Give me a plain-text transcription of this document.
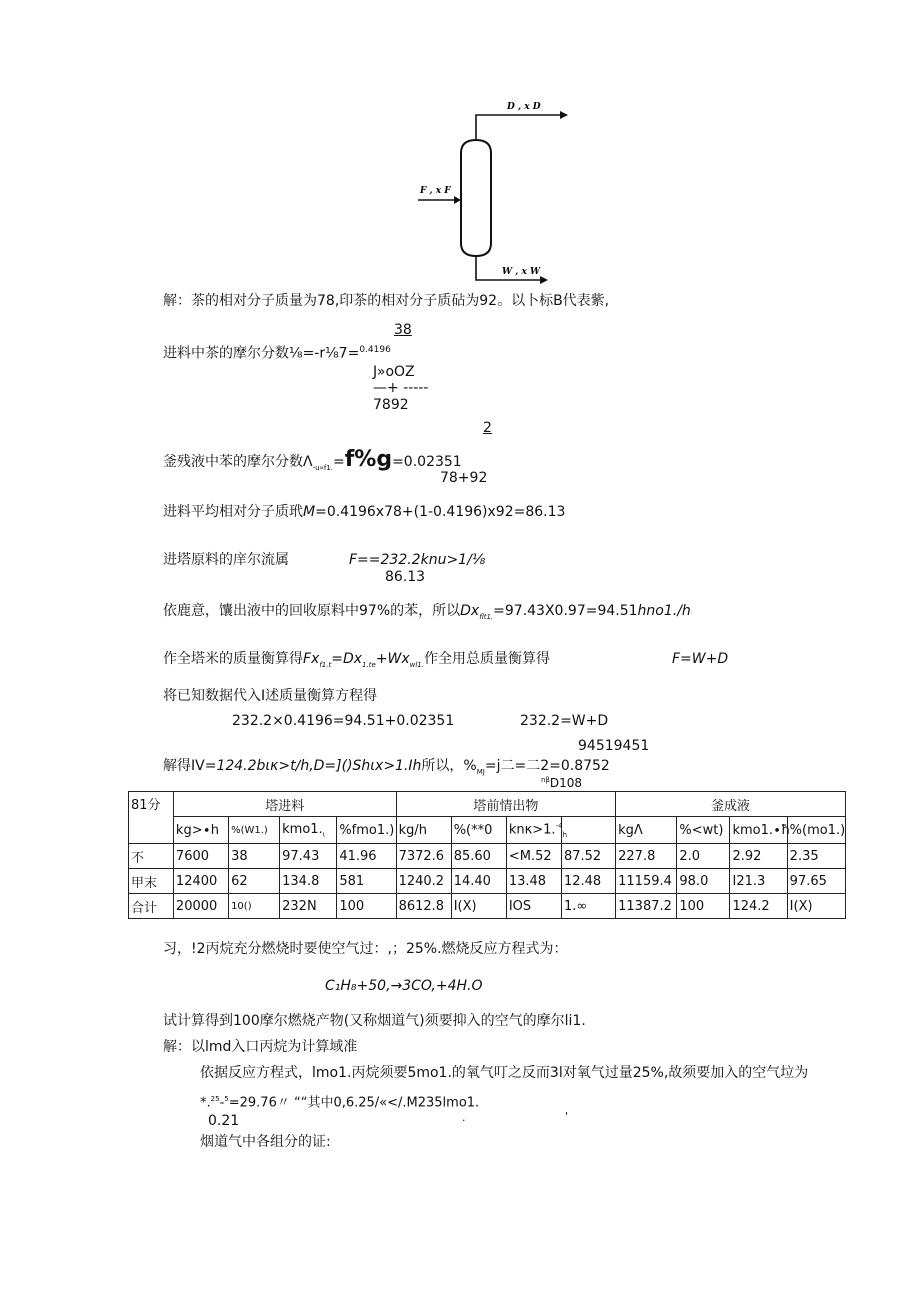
D , x D
F , x F
W , x W
解：茶的相对分子质量为78,印茶的相对分子质砧为92。以卜标B代表紫,
38
进料中茶的摩尔分数⅛=-r⅛7=$^{0.4196}$
J»oOZ
—+ -----
7892
2
釜残液中苯的摩尔分数$\Lambda_{-u»f1.}=f\%g=0.02351$
78+92
进料平均相对分子质玳M=0.4196x78+(1-0.4196)x92=86.13
进塔原料的庠尔流属	F==232.2knu>1∕⅛
86.13
依鹿意，馕出液中的回收原料中97%的苯，所以$Dx_{flt1.}=97.43X0.97=94.51hno1./h$
作全塔米的质量衡算得$Fx_{f1.t}=Dx_{1.te}+Wx_{wl1.}$作全用总质量衡算得	F=W+D
将已知数据代入I述质量衡算方程得
232.2×0.4196=94.51+0.02351	232.2=W+D
94519451
解得IV=124.2bικ>t∕h,D=]()Shιx>1.Ih所以，$\%_{MJ}=j$二=二2=0.8752
$^{n\beta}$D108
81分	塔进料				塔前情出物				釜成液			
	kg>∙h	%(W1.)	$kmo1._\iota$	%fmo1.)	kg/h	%(**0	knκ>1.$^{-4}_h$		kgΛ	%<wt)	kmo1.∙ħ	%(mo1.)
不	7600	38	97.43	41.96	7372.6	85.60	<M.52	87.52	227.8	2.0	2.92	2.35
甲末	12400	62	134.8	581	1240.2	14.40	13.48	12.48	11159.4	98.0	I21.3	97.65
合计	20000	10()	232N	100	8612.8	I(X)	IOS	1.∞	11387.2	100	124.2	I(X)
习，!2丙烷充分燃烧时要使空气过：,；25%.燃烧反应方程式为：
C₁H₈+50,→3CO,+4H.O
试计算得到100摩尔燃烧产物(又称烟道气)须要抑入的空气的摩尔li1.
解：以lmd入口丙烷为计算域准
依据反应方程式，lmo1.丙烷须要5mo1.的氧气叮之反而3l对氧气过量25%,故须要加入的空气垃为
*.$^{25}$-$^5$=29.76〃 ““其中0,6.25/«</.M235lmo1.
0.21	.	'
烟道气中各组分的证:
